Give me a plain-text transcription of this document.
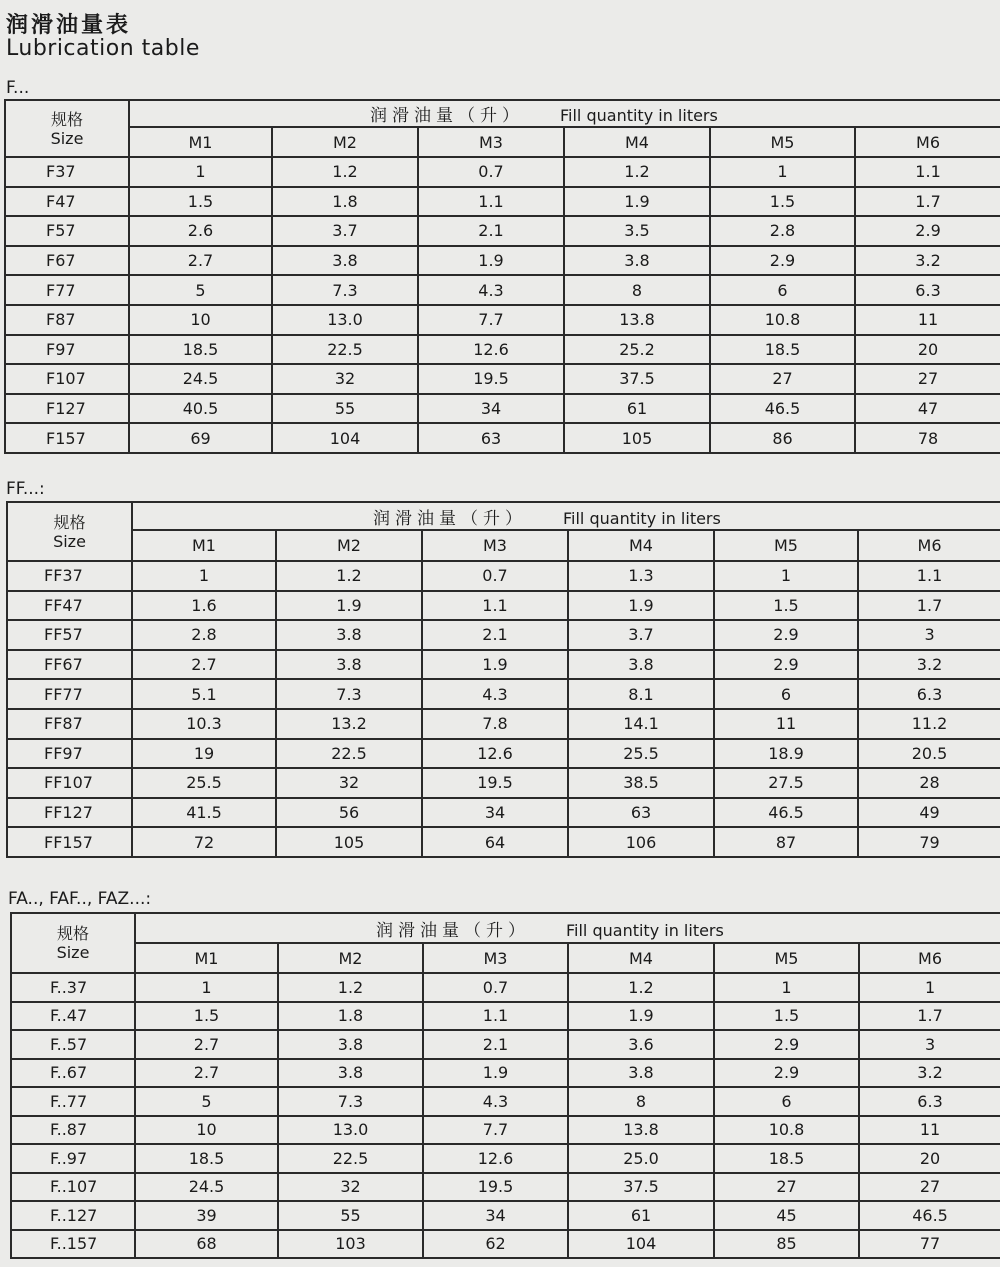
润滑油量表
Lubrication table
F...
规格
Size	润滑油量（升） Fill quantity in liters					
	M1	M2	M3	M4	M5	M6
F37	1	1.2	0.7	1.2	1	1.1
F47	1.5	1.8	1.1	1.9	1.5	1.7
F57	2.6	3.7	2.1	3.5	2.8	2.9
F67	2.7	3.8	1.9	3.8	2.9	3.2
F77	5	7.3	4.3	8	6	6.3
F87	10	13.0	7.7	13.8	10.8	11
F97	18.5	22.5	12.6	25.2	18.5	20
F107	24.5	32	19.5	37.5	27	27
F127	40.5	55	34	61	46.5	47
F157	69	104	63	105	86	78
FF...:
规格
Size	润滑油量（升） Fill quantity in liters					
	M1	M2	M3	M4	M5	M6
FF37	1	1.2	0.7	1.3	1	1.1
FF47	1.6	1.9	1.1	1.9	1.5	1.7
FF57	2.8	3.8	2.1	3.7	2.9	3
FF67	2.7	3.8	1.9	3.8	2.9	3.2
FF77	5.1	7.3	4.3	8.1	6	6.3
FF87	10.3	13.2	7.8	14.1	11	11.2
FF97	19	22.5	12.6	25.5	18.9	20.5
FF107	25.5	32	19.5	38.5	27.5	28
FF127	41.5	56	34	63	46.5	49
FF157	72	105	64	106	87	79
FA.., FAF.., FAZ...:
规格
Size	润滑油量（升） Fill quantity in liters					
	M1	M2	M3	M4	M5	M6
F..37	1	1.2	0.7	1.2	1	1
F..47	1.5	1.8	1.1	1.9	1.5	1.7
F..57	2.7	3.8	2.1	3.6	2.9	3
F..67	2.7	3.8	1.9	3.8	2.9	3.2
F..77	5	7.3	4.3	8	6	6.3
F..87	10	13.0	7.7	13.8	10.8	11
F..97	18.5	22.5	12.6	25.0	18.5	20
F..107	24.5	32	19.5	37.5	27	27
F..127	39	55	34	61	45	46.5
F..157	68	103	62	104	85	77
